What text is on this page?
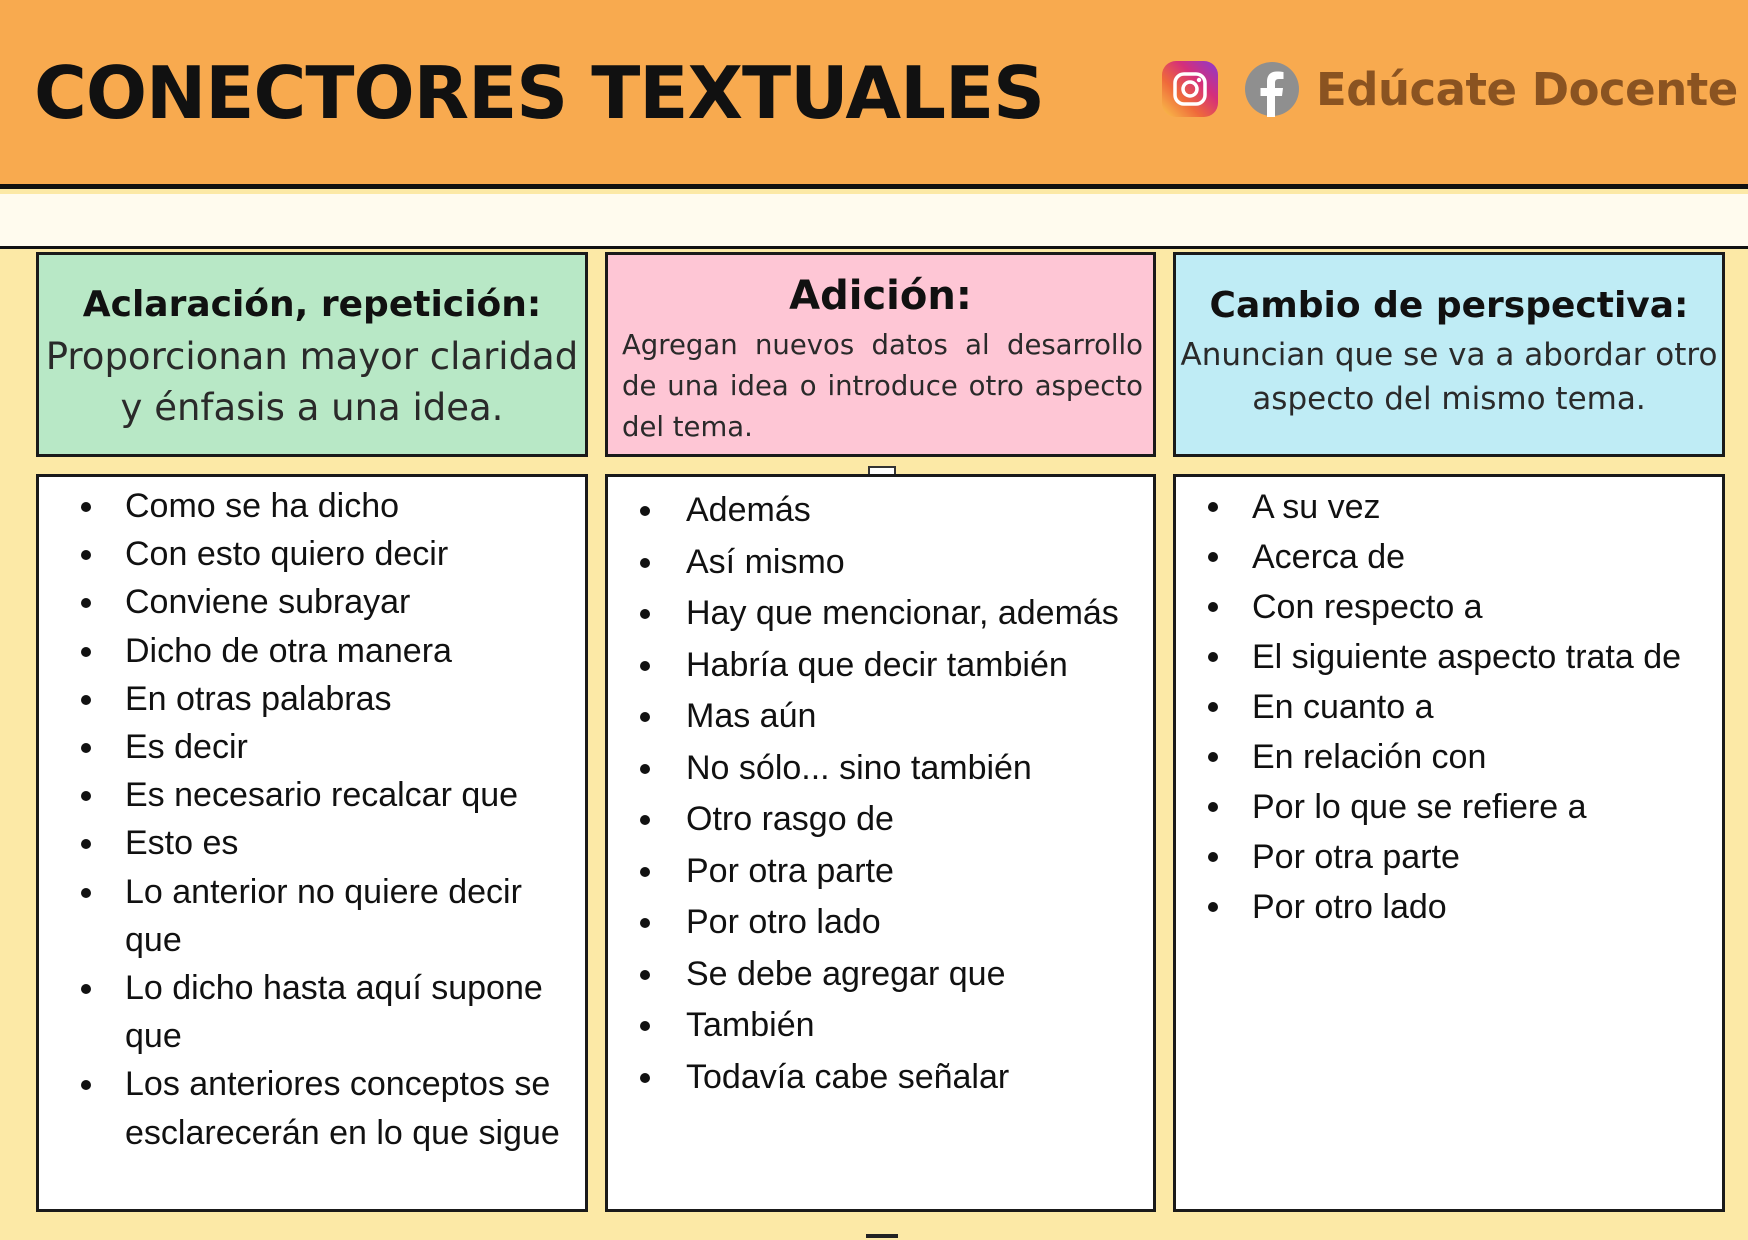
CONECTORES TEXTUALES	Edúcate Docente
Aclaración, repetición:
Proporcionan mayor claridad y énfasis a una idea.
Adición:
Agregan nuevos datos al desarrollo de una idea o introduce otro aspecto del tema.
Cambio de perspectiva:
Anuncian que se va a abordar otro aspecto del mismo tema.
Como se ha dicho
Con esto quiero decir
Conviene subrayar
Dicho de otra manera
En otras palabras
Es decir
Es necesario recalcar que
Esto es
Lo anterior no quiere decir que
Lo dicho hasta aquí supone que
Los anteriores conceptos se esclarecerán en lo que sigue
Además
Así mismo
Hay que mencionar, además
Habría que decir también
Mas aún
No sólo... sino también
Otro rasgo de
Por otra parte
Por otro lado
Se debe agregar que
También
Todavía cabe señalar
A su vez
Acerca de
Con respecto a
El siguiente aspecto trata de
En cuanto a
En relación con
Por lo que se refiere a
Por otra parte
Por otro lado
